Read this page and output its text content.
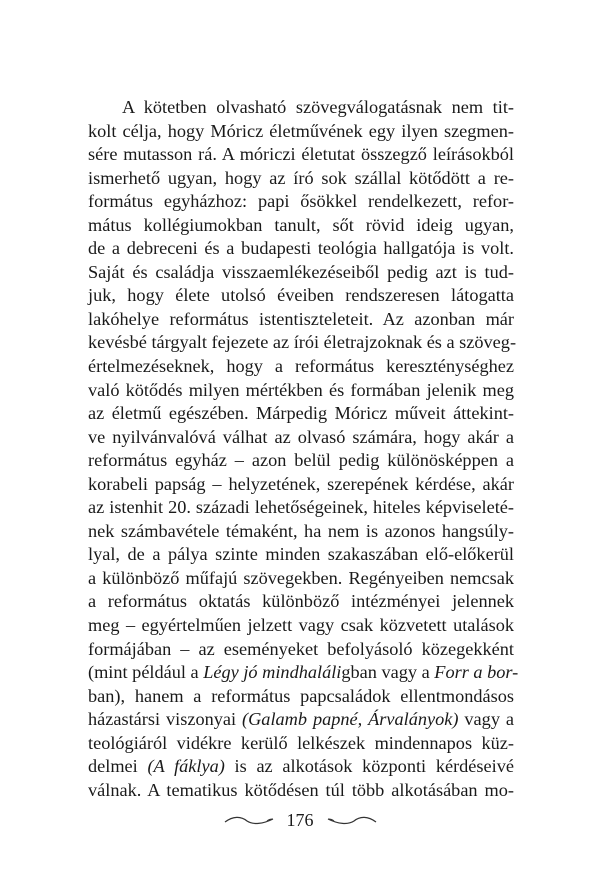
A kötetben olvasható szövegválogatásnak nem tit-
kolt célja, hogy Móricz életművének egy ilyen szegmen-
sére mutasson rá. A móriczi életutat összegző leírásokból
ismerhető ugyan, hogy az író sok szállal kötődött a re-
formátus egyházhoz: papi ősökkel rendelkezett, refor-
mátus kollégiumokban tanult, sőt rövid ideig ugyan,
de a debreceni és a budapesti teológia hallgatója is volt.
Saját és családja visszaemlékezéseiből pedig azt is tud-
juk, hogy élete utolsó éveiben rendszeresen látogatta
lakóhelye református istentiszteleteit. Az azonban már
kevésbé tárgyalt fejezete az írói életrajzoknak és a szöveg-
értelmezéseknek, hogy a református kereszténységhez
való kötődés milyen mértékben és formában jelenik meg
az életmű egészében. Márpedig Móricz műveit áttekint-
ve nyilvánvalóvá válhat az olvasó számára, hogy akár a
református egyház – azon belül pedig különösképpen a
korabeli papság – helyzetének, szerepének kérdése, akár
az istenhit 20. századi lehetőségeinek, hiteles képviseleté-
nek számbavétele témaként, ha nem is azonos hangsúly-
lyal, de a pálya szinte minden szakaszában elő-előkerül
a különböző műfajú szövegekben. Regényeiben nemcsak
a református oktatás különböző intézményei jelennek
meg – egyértelműen jelzett vagy csak közvetett utalások
formájában – az eseményeket befolyásoló közegekként
(mint például a Légy jó mindhaláligban vagy a Forr a bor-
ban), hanem a református papcsaládok ellentmondásos
házastársi viszonyai (Galamb papné, Árvalányok) vagy a
teológiáról vidékre kerülő lelkészek mindennapos küz-
delmei (A fáklya) is az alkotások központi kérdéseivé
válnak. A tematikus kötődésen túl több alkotásában mo-
176
